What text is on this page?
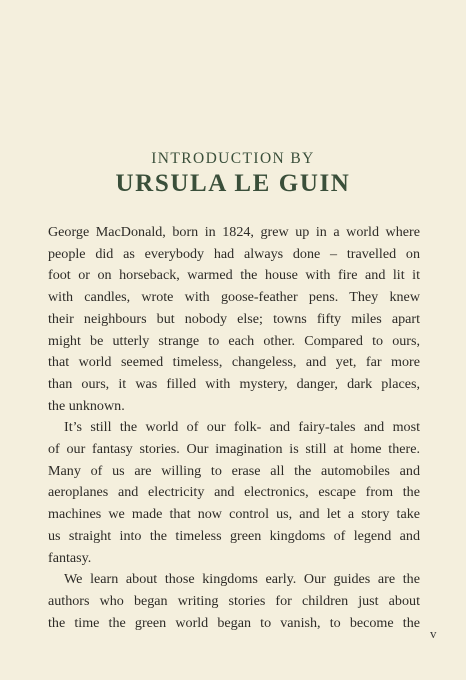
INTRODUCTION BY
URSULA LE GUIN

George MacDonald, born in 1824, grew up in a world where
people did as everybody had always done – travelled on
foot or on horseback, warmed the house with fire and lit it
with candles, wrote with goose-feather pens. They knew
their neighbours but nobody else; towns fifty miles apart
might be utterly strange to each other. Compared to ours,
that world seemed timeless, changeless, and yet, far more
than ours, it was filled with mystery, danger, dark places,
the unknown.

It’s still the world of our folk- and fairy-tales and most
of our fantasy stories. Our imagination is still at home there.
Many of us are willing to erase all the automobiles and
aeroplanes and electricity and electronics, escape from the
machines we made that now control us, and let a story take
us straight into the timeless green kingdoms of legend and
fantasy.

We learn about those kingdoms early. Our guides are the
authors who began writing stories for children just about
the time the green world began to vanish, to become the

v
